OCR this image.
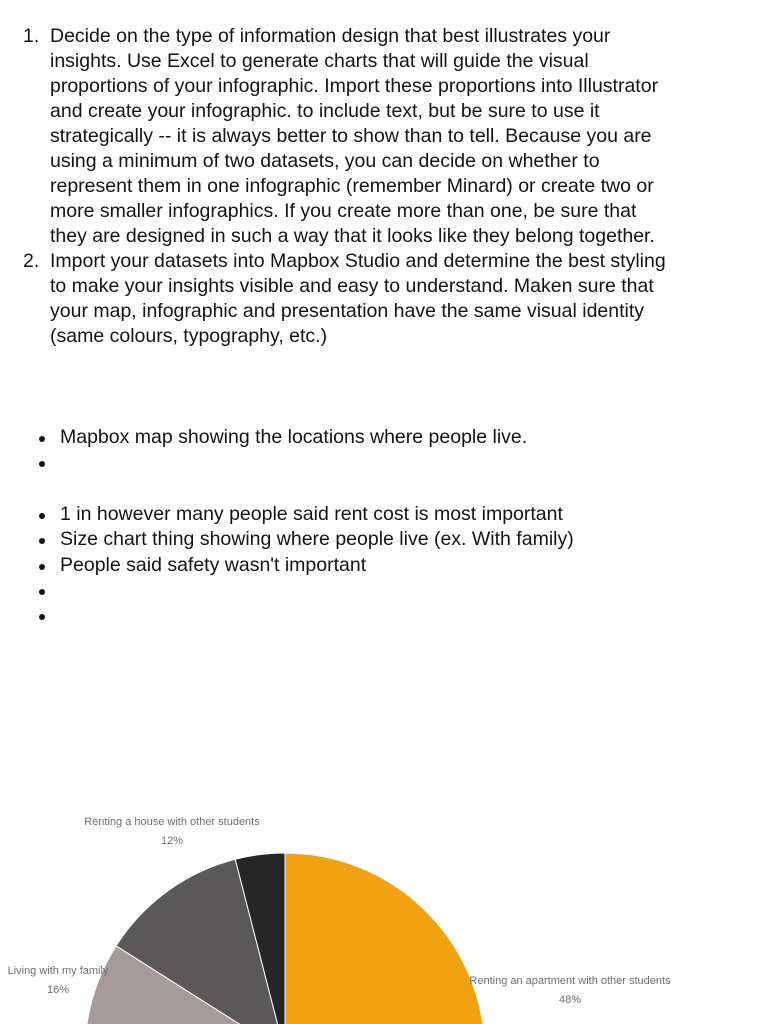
1. Decide on the type of information design that best illustrates your
insights. Use Excel to generate charts that will guide the visual
proportions of your infographic. Import these proportions into Illustrator
and create your infographic. to include text, but be sure to use it
strategically -- it is always better to show than to tell. Because you are
using a minimum of two datasets, you can decide on whether to
represent them in one infographic (remember Minard) or create two or
more smaller infographics. If you create more than one, be sure that
they are designed in such a way that it looks like they belong together.
2. Import your datasets into Mapbox Studio and determine the best styling
to make your insights visible and easy to understand. Maken sure that
your map, infographic and presentation have the same visual identity
(same colours, typography, etc.)
Mapbox map showing the locations where people live.
1 in however many people said rent cost is most important
Size chart thing showing where people live (ex. With family)
People said safety wasn't important
Renting a house with other students
12%
Living with my family
16%
Renting an apartment with other students
48%
